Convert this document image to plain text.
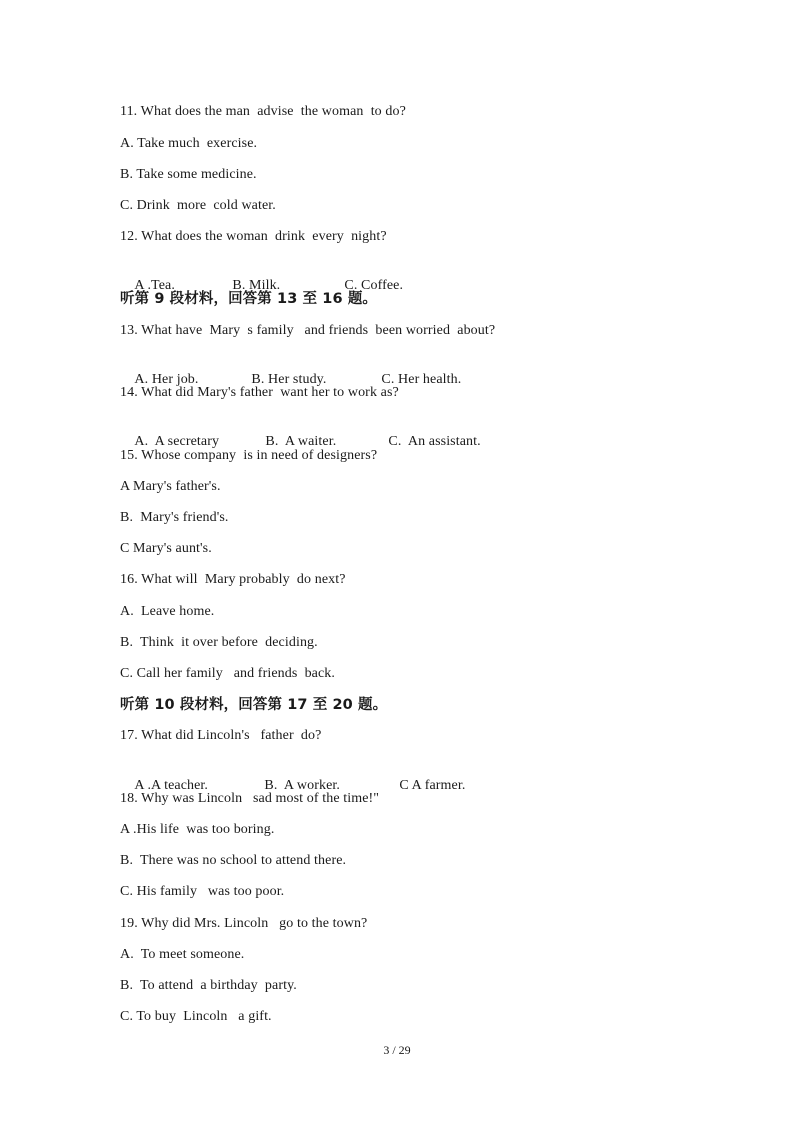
11. What does the man  advise  the woman  to do?
A. Take much  exercise.
B. Take some medicine.
C. Drink  more  cold water.
12. What does the woman  drink  every  night?

A .Tea.	B. Milk.	C. Coffee.

听第 9 段材料，回答第 13 至 16 题。
13. What have  Mary  s family   and friends  been worried  about?

A. Her job.	B. Her study.	C. Her health.

14. What did Mary's father  want her to work as?

A.  A secretary	B.  A waiter.	C.  An assistant.

15. Whose company  is in need of designers?
A Mary's father's.
B.  Mary's friend's.
C Mary's aunt's.
16. What will  Mary probably  do next?
A.  Leave home.
B.  Think  it over before  deciding.
C. Call her family   and friends  back.
听第 10 段材料，回答第 17 至 20 题。
17. What did Lincoln's   father  do?

A .A teacher.	B.  A worker.	C A farmer.

18. Why was Lincoln   sad most of the time!"
A .His life  was too boring.
B.  There was no school to attend there.
C. His family   was too poor.
19. Why did Mrs. Lincoln   go to the town?
A.  To meet someone.
B.  To attend  a birthday  party.
C. To buy  Lincoln   a gift.
3 / 29
